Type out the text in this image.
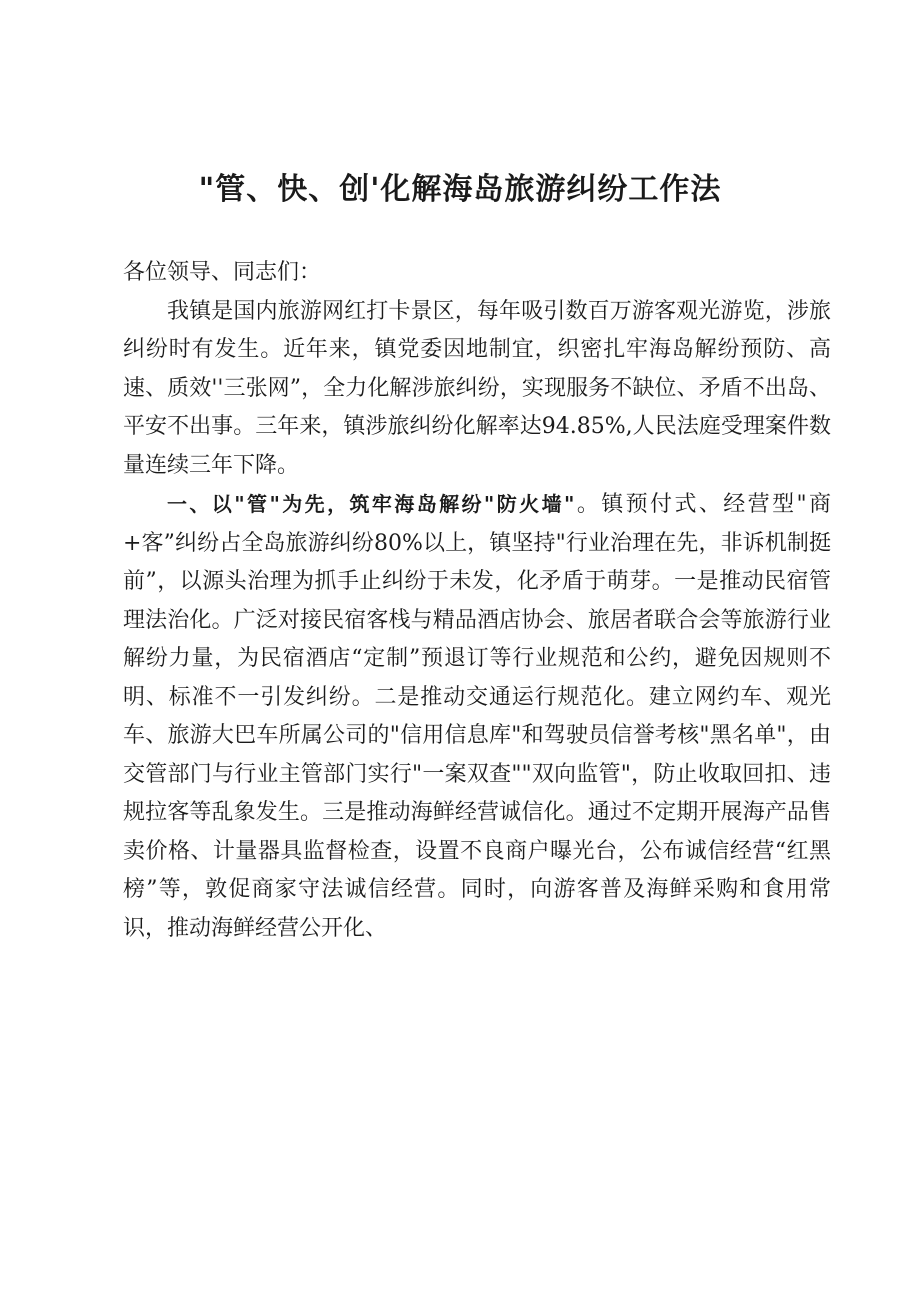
"管、快、创'化解海岛旅游纠纷工作法

各位领导、同志们：

我镇是国内旅游网红打卡景区，每年吸引数百万游客观光游览，涉旅纠纷时有发生。近年来，镇党委因地制宜，织密扎牢海岛解纷预防、高速、质效''三张网”，全力化解涉旅纠纷，实现服务不缺位、矛盾不出岛、平安不出事。三年来，镇涉旅纠纷化解率达94.85%,人民法庭受理案件数量连续三年下降。

一、以"管"为先，筑牢海岛解纷"防火墙"。镇预付式、经营型"商+客”纠纷占全岛旅游纠纷80%以上，镇坚持"行业治理在先，非诉机制挺前”，以源头治理为抓手止纠纷于未发，化矛盾于萌芽。一是推动民宿管理法治化。广泛对接民宿客栈与精品酒店协会、旅居者联合会等旅游行业解纷力量，为民宿酒店“定制”预退订等行业规范和公约，避免因规则不明、标准不一引发纠纷。二是推动交通运行规范化。建立网约车、观光车、旅游大巴车所属公司的"信用信息库"和驾驶员信誉考核"黑名单"，由交管部门与行业主管部门实行"一案双查""双向监管"，防止收取回扣、违规拉客等乱象发生。三是推动海鲜经营诚信化。通过不定期开展海产品售卖价格、计量器具监督检查，设置不良商户曝光台，公布诚信经营“红黑榜”等，敦促商家守法诚信经营。同时，向游客普及海鲜采购和食用常识，推动海鲜经营公开化、
